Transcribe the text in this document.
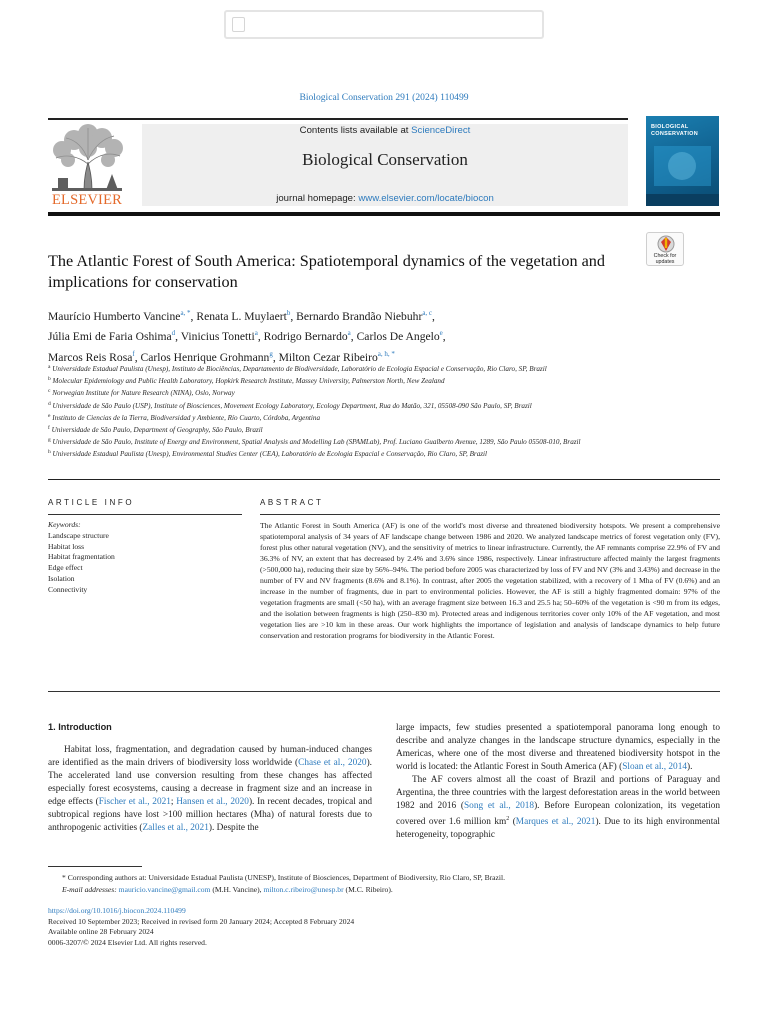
Biological Conservation 291 (2024) 110499
ELSEVIER
Contents lists available at ScienceDirect
Biological Conservation
journal homepage: www.elsevier.com/locate/biocon
BIOLOGICAL
CONSERVATION
Check for
updates
The Atlantic Forest of South America: Spatiotemporal dynamics of the vegetation and implications for conservation
Maurício Humberto Vancine$^{a, *}$, Renata L. Muylaert$^b$, Bernardo Brandão Niebuhr$^{a, c}$,
Júlia Emi de Faria Oshima$^d$, Vinicius Tonetti$^a$, Rodrigo Bernardo$^a$, Carlos De Angelo$^e$,
Marcos Reis Rosa$^f$, Carlos Henrique Grohmann$^g$, Milton Cezar Ribeiro$^{a, h, *}$
$^a$ Universidade Estadual Paulista (Unesp), Instituto de Biociências, Departamento de Biodiversidade, Laboratório de Ecologia Espacial e Conservação, Rio Claro, SP, Brazil
$^b$ Molecular Epidemiology and Public Health Laboratory, Hopkirk Research Institute, Massey University, Palmerston North, New Zealand
$^c$ Norwegian Institute for Nature Research (NINA), Oslo, Norway
$^d$ Universidade de São Paulo (USP), Institute of Biosciences, Movement Ecology Laboratory, Ecology Department, Rua do Matão, 321, 05508-090 São Paulo, SP, Brazil
$^e$ Instituto de Ciencias de la Tierra, Biodiversidad y Ambiente, Río Cuarto, Córdoba, Argentina
$^f$ Universidade de São Paulo, Department of Geography, São Paulo, Brazil
$^g$ Universidade de São Paulo, Institute of Energy and Environment, Spatial Analysis and Modelling Lab (SPAMLab), Prof. Luciano Gualberto Avenue, 1289, São Paulo 05508-010, Brazil
$^h$ Universidade Estadual Paulista (Unesp), Environmental Studies Center (CEA), Laboratório de Ecologia Espacial e Conservação, Rio Claro, SP, Brazil
ARTICLE INFO
Keywords:
Landscape structure
Habitat loss
Habitat fragmentation
Edge effect
Isolation
Connectivity
ABSTRACT
The Atlantic Forest in South America (AF) is one of the world's most diverse and threatened biodiversity hotspots. We present a comprehensive spatiotemporal analysis of 34 years of AF landscape change between 1986 and 2020. We analyzed landscape metrics of forest vegetation only (FV), forest plus other natural vegetation (NV), and the sensitivity of metrics to linear infrastructure. Currently, the AF remnants comprise 22.9% of FV and 36.3% of NV, an extent that has decreased by 2.4% and 3.6% since 1986, respectively. Linear infrastructure affected mainly the largest fragments (>500,000 ha), reducing their size by 56%–94%. The period before 2005 was characterized by loss of FV and NV (3% and 3.43%) and decrease in the number of FV and NV fragments (8.6% and 8.1%). In contrast, after 2005 the vegetation stabilized, with a recovery of 1 Mha of FV (0.6%) and an increase in the number of fragments, due in part to environmental policies. However, the AF is still a highly fragmented domain: 97% of the vegetation fragments are small (<50 ha), with an average fragment size between 16.3 and 25.5 ha; 50–60% of the vegetation is <90 m from its edges, and the isolation between fragments is high (250–830 m). Protected areas and indigenous territories cover only 10% of the AF vegetation, and most vegetation lies are >10 km in these areas. Our work highlights the importance of legislation and analysis of landscape dynamics to help future conservation and restoration programs for biodiversity in the Atlantic Forest.
1. Introduction
Habitat loss, fragmentation, and degradation caused by human-induced changes are identified as the main drivers of biodiversity loss worldwide (Chase et al., 2020). The accelerated land use conversion resulting from these changes has affected especially forest ecosystems, causing a decrease in fragment size and an increase in edge effects (Fischer et al., 2021; Hansen et al., 2020). In recent decades, tropical and subtropical regions have lost >100 million hectares (Mha) of natural forests due to anthropogenic activities (Zalles et al., 2021). Despite the
large impacts, few studies presented a spatiotemporal panorama long enough to describe and analyze changes in the landscape structure dynamics, especially in the Americas, where one of the most diverse and threatened biodiversity hotspot in the world is located: the Atlantic Forest in South America (AF) (Sloan et al., 2014).
The AF covers almost all the coast of Brazil and portions of Paraguay and Argentina, the three countries with the largest deforestation areas in the world between 1982 and 2016 (Song et al., 2018). Before European colonization, its vegetation covered over 1.6 million $km^2$ (Marques et al., 2021). Due to its high environmental heterogeneity, topographic
* Corresponding authors at: Universidade Estadual Paulista (UNESP), Institute of Biosciences, Department of Biodiversity, Rio Claro, SP, Brazil.
E-mail addresses: mauricio.vancine@gmail.com (M.H. Vancine), milton.c.ribeiro@unesp.br (M.C. Ribeiro).
https://doi.org/10.1016/j.biocon.2024.110499
Received 10 September 2023; Received in revised form 20 January 2024; Accepted 8 February 2024
Available online 28 February 2024
0006-3207/© 2024 Elsevier Ltd. All rights reserved.
